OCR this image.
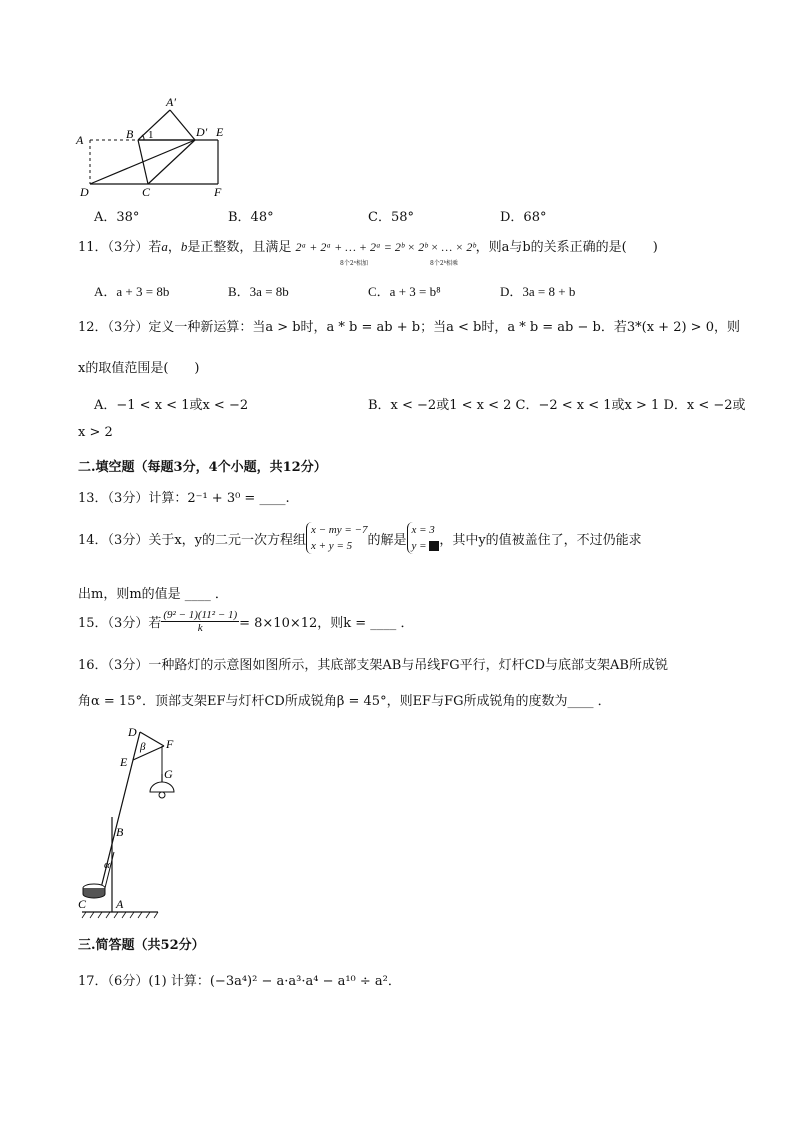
A′
A	B 1	D′ E
D	C	F
A．38°	B．48°	C．58°	D．68°
11．（3分）若a，b是正整数，且满足 2ᵃ + 2ᵃ + … + 2ᵃ = 2ᵇ × 2ᵇ × … × 2ᵇ，则a与b的关系正确的是(　　)
8个2ᵃ相加	8个2ᵇ相乘
A．a + 3 = 8b	B．3a = 8b	C．a + 3 = b⁸	D．3a = 8 + b
12．（3分）定义一种新运算：当a > b时，a * b = ab + b；当a < b时，a * b = ab − b．若3*(x + 2) > 0，则
x的取值范围是(　　)
A．−1 < x < 1或x < −2	B．x < −2或1 < x < 2 C．−2 < x < 1或x > 1 D．x < −2或
x > 2
二.填空题（每题3分，4个小题，共12分）
13．（3分）计算：2⁻¹ + 3⁰ = ____.
14．（3分）关于x，y的二元一次方程组
x − my = −7
x + y = 5	的解是
x = 3
y = ，其中y的值被盖住了，不过仍能求
出m，则m的值是 ____ ．
15．（3分）若 $\frac{\text{(9² − 1)(11² − 1)}}{k} = 8\times 10\times 12$，则k = ____ ．
16．（3分）一种路灯的示意图如图所示，其底部支架AB与吊线FG平行，灯杆CD与底部支架AB所成锐
角α = 15°．顶部支架EF与灯杆CD所成锐角β = 45°，则EF与FG所成锐角的度数为____ ．
D
β F
E
G
B
α
C A
三.简答题（共52分）
17．（6分）(1) 计算：(−3a⁴)² − a·a³·a⁴ − a¹⁰ ÷ a²．
